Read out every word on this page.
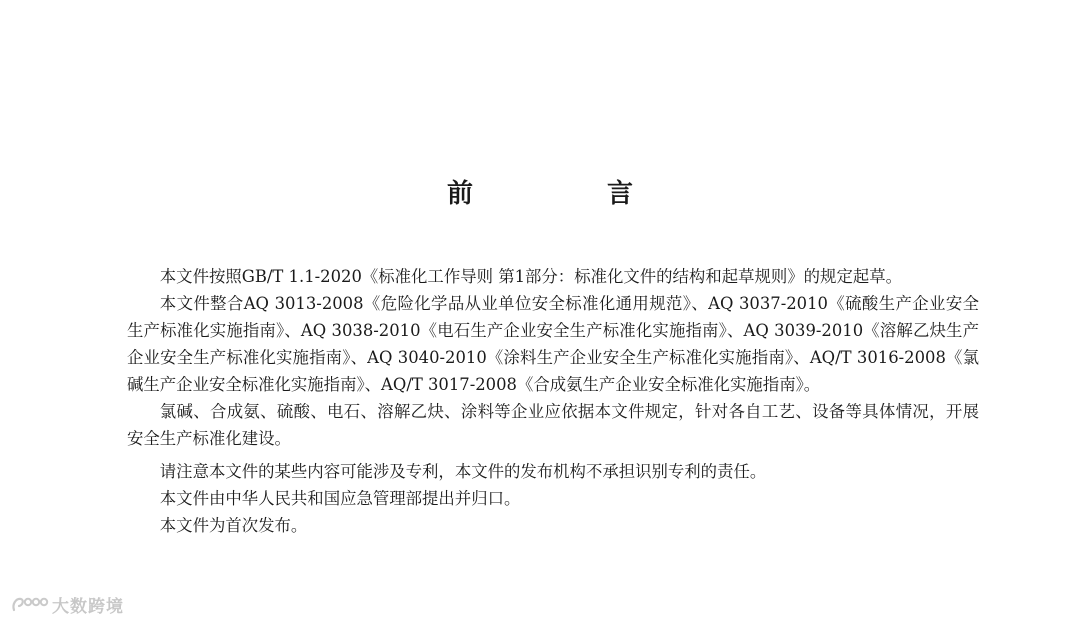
前　言

本文件按照GB/T 1.1-2020《标准化工作导则 第1部分：标准化文件的结构和起草规则》的规定起草。

本文件整合AQ 3013-2008《危险化学品从业单位安全标准化通用规范》、AQ 3037-2010《硫酸生产企业安全生产标准化实施指南》、AQ 3038-2010《电石生产企业安全生产标准化实施指南》、AQ 3039-2010《溶解乙炔生产企业安全生产标准化实施指南》、AQ 3040-2010《涂料生产企业安全生产标准化实施指南》、AQ/T 3016-2008《氯碱生产企业安全标准化实施指南》、AQ/T 3017-2008《合成氨生产企业安全标准化实施指南》。

氯碱、合成氨、硫酸、电石、溶解乙炔、涂料等企业应依据本文件规定，针对各自工艺、设备等具体情况，开展安全生产标准化建设。

请注意本文件的某些内容可能涉及专利，本文件的发布机构不承担识别专利的责任。

本文件由中华人民共和国应急管理部提出并归口。

本文件为首次发布。

大数跨境
